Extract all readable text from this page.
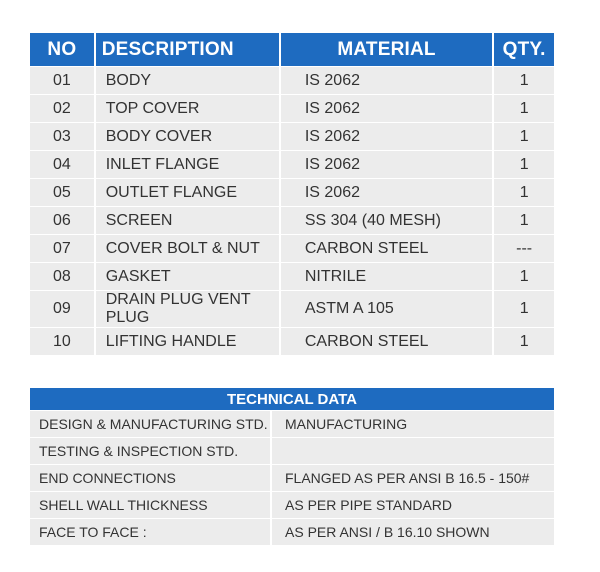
NO	DESCRIPTION	MATERIAL	QTY.
01	BODY	IS 2062	1
02	TOP COVER	IS 2062	1
03	BODY COVER	IS 2062	1
04	INLET FLANGE	IS 2062	1
05	OUTLET FLANGE	IS 2062	1
06	SCREEN	SS 304 (40 MESH)	1
07	COVER BOLT & NUT	CARBON STEEL	---
08	GASKET	NITRILE	1
09	DRAIN PLUG VENT PLUG	ASTM A 105	1
10	LIFTING HANDLE	CARBON STEEL	1
TECHNICAL DATA	
DESIGN & MANUFACTURING STD.	MANUFACTURING
TESTING & INSPECTION STD.	
END CONNECTIONS	FLANGED AS PER ANSI B 16.5 - 150#
SHELL WALL THICKNESS	AS PER PIPE STANDARD
FACE TO FACE :	AS PER ANSI / B 16.10 SHOWN
